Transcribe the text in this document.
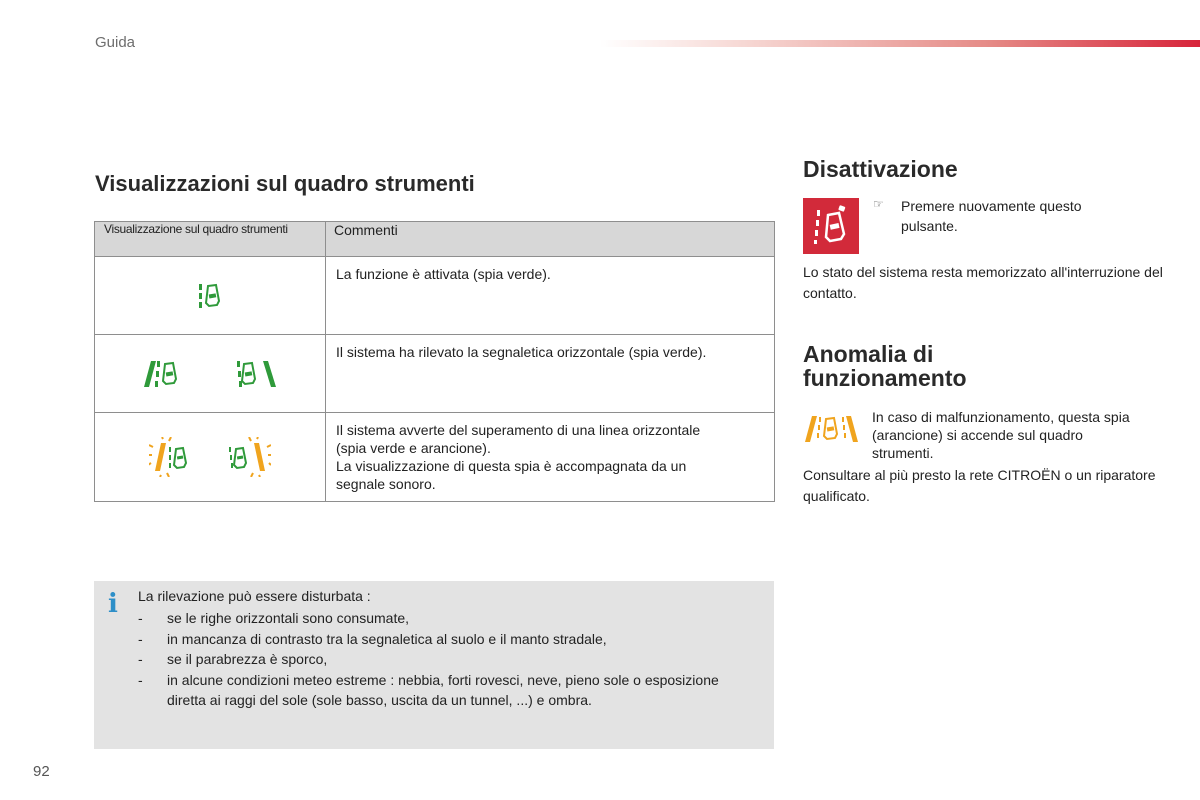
Guida
Visualizzazioni sul quadro strumenti
Visualizzazione sul quadro strumenti	Commenti

La funzione è attivata (spia verde).

Il sistema ha rilevato la segnaletica orizzontale (spia verde).

Il sistema avverte del superamento di una linea orizzontale
(spia verde e arancione).
La visualizzazione di questa spia è accompagnata da un
segnale sonoro.
i La rilevazione può essere disturbata :
- se le righe orizzontali sono consumate,
- in mancanza di contrasto tra la segnaletica al suolo e il manto stradale,
- se il parabrezza è sporco,
- in alcune condizioni meteo estreme : nebbia, forti rovesci, neve, pieno sole o esposizione diretta ai raggi del sole (sole basso, uscita da un tunnel, ...) e ombra.
Disattivazione
☞ Premere nuovamente questo pulsante.
Lo stato del sistema resta memorizzato all'interruzione del contatto.
Anomalia di funzionamento
In caso di malfunzionamento, questa spia (arancione) si accende sul quadro strumenti.
Consultare al più presto la rete CITROËN o un riparatore qualificato.
92
